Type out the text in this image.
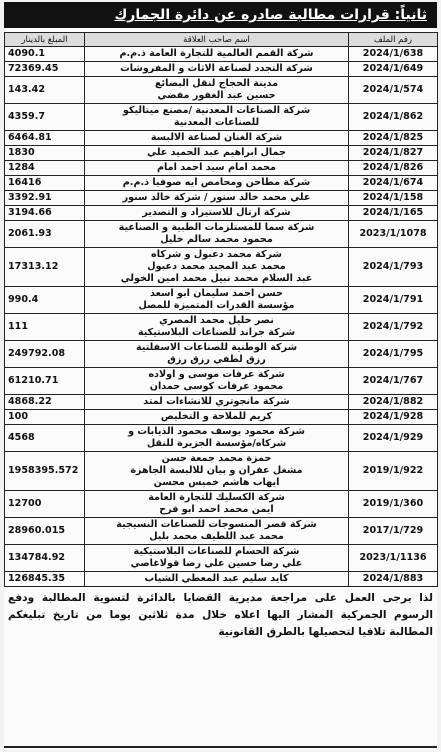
ثانياً: قرارات مطالبة صادره عن دائرة الجمارك
رقم الملف	اسم صاحب العلاقة	المبلغ بالدينار
2024/1/638	شركة القمم العالمية للتجارة العامة ذ.م.م	4090.1
2024/1/649	شركة التجدد لصناعة الاثاث و المفروشات	72369.45
2024/1/574	مدينة الحجاج لنقل البضائع
حسين عبد الغفور مفضي	143.42
2024/1/862	شركة الصناعات المعدنية /مصنع ميتاليكو
للصناعات المعدنية	4359.7
2024/1/825	شركة الغنان لصناعة الالبسة	6464.81
2024/1/827	جمال ابراهيم عبد الحميد علي	1830
2024/1/826	محمد امام سيد احمد امام	1284
2024/1/674	شركة مطاحن ومحامص ايه صوفيا ذ.م.م	16416
2024/1/158	علي محمد خالد سنور / شركة خالد سنور	3392.91
2024/1/165	شركة ارتال للاستيراد و التصدير	3194.66
2023/1/1078	شركة سما للمستلزمات الطبية و الصناعية
محمود محمد سالم خليل	2061.93
2024/1/793	شركة محمد دعبول و شركاه
محمد عبد المجيد محمد دعبول
عبد السلام محمد نبيل محمد امين الخولي	17313.12
2024/1/791	حسن احمد سليمان ابو اسعد
مؤسسة القدرات المتميزة للمصل	990.4
2024/1/792	نصر خليل محمد المصري
شركة جراند للصناعات البلاستيكية	111
2024/1/795	شركة الوطنية للصناعات الاسفلتية
رزق لطفي رزق رزق	249792.08
2024/1/767	شركة عرفات موسى و اولاده
محمود عرفات كوسى حمدان	61210.71
2024/1/882	شركة مانجوتري للانشاءات لمتد	4868.22
2024/1/928	كريم للملاحة و التخليص	100
2024/1/929	شركة محمود يوسف محمود الذيابات و
شركاه/مؤسسة الجزيرة للنقل	4568
2019/1/922	حمزة محمد جمعة حسن
مشغل عفران و بيان للالبسة الجاهزة
ايهاب هاشم خميس محسن	1958395.572
2019/1/360	شركة الكسليك للتجارة العامة
ايمن محمد احمد ابو فرح	12700
2017/1/729	شركة قصر المنسوجات للصناعات النسيجية
محمد عبد اللطيف محمد بليل	28960.015
2023/1/1136	شركة الحسام للصناعات البلاستيكية
علي رضا حسين علي رضا قولاغاصي	134784.92
2024/1/883	كايد سليم عبد المعطي الشياب	126845.35
لذا يرجى العمل على مراجعة مديرية القضايا بالدائرة لتسوية المطالبة ودفع الرسوم الجمركية المشار اليها اعلاه خلال مدة ثلاثين يوما من تاريخ تبليغكم المطالبة تلافيا لتحصيلها بالطرق القانونية
